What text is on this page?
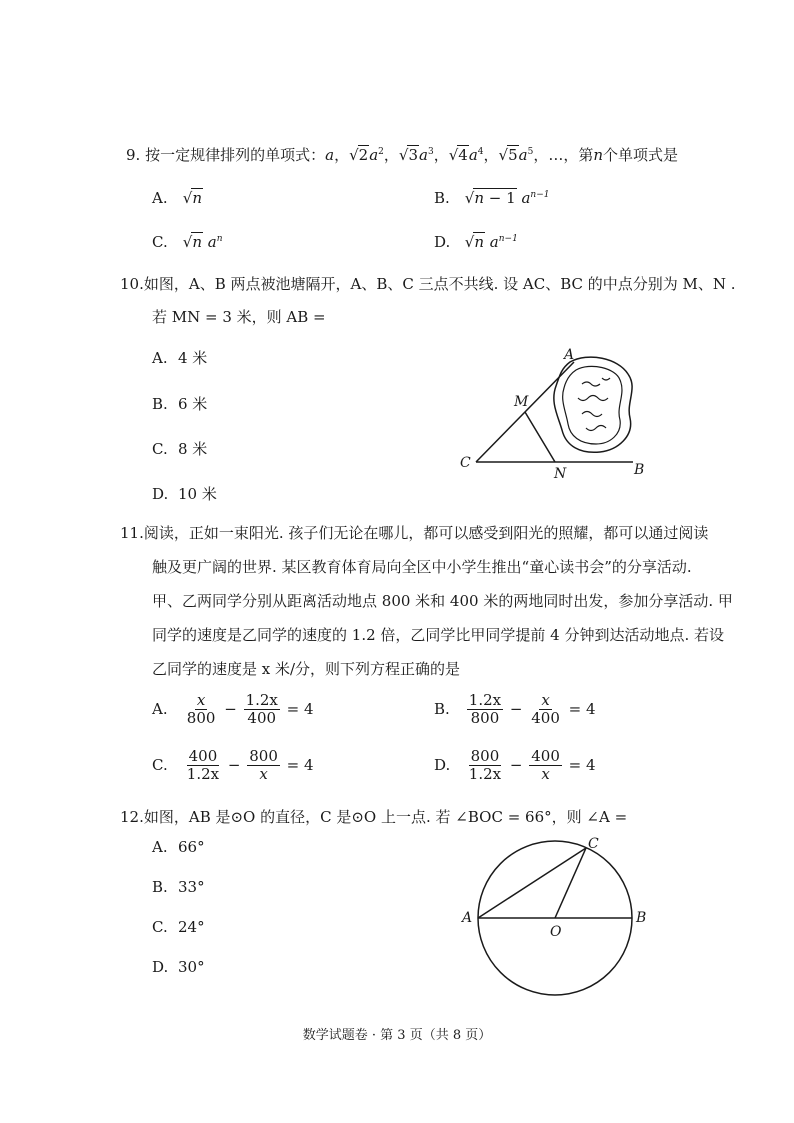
9. 按一定规律排列的单项式：a，$√2a^2$，$√3a^3$，$√4a^4$，$√5a^5$，…，第n个单项式是
A. √n	B. √n − 1 $a^{n-1}$
C. √n $a^n$	D. √n $a^{n-1}$
10.如图，A、B 两点被池塘隔开，A、B、C 三点不共线. 设 AC、BC 的中点分别为 M、N .
若 MN = 3 米，则 AB =
A. 4 米
B. 6 米
C. 8 米
D. 10 米
A
M
C
N	B
11.阅读，正如一束阳光. 孩子们无论在哪儿，都可以感受到阳光的照耀，都可以通过阅读
触及更广阔的世界. 某区教育体育局向全区中小学生推出“童心读书会”的分享活动.
甲、乙两同学分别从距离活动地点 800 米和 400 米的两地同时出发，参加分享活动. 甲
同学的速度是乙同学的速度的 1.2 倍，乙同学比甲同学提前 4 分钟到达活动地点. 若设
乙同学的速度是 x 米/分，则下列方程正确的是
A. $\frac{x}{800} - \frac{1.2x}{400} = 4$	B. $\frac{1.2x}{800} - \frac{x}{400} = 4$
C. $\frac{400}{1.2x} - \frac{800}{x} = 4$	D. $\frac{800}{1.2x} - \frac{400}{x} = 4$
12.如图，AB 是⊙O 的直径，C 是⊙O 上一点. 若 ∠BOC = 66°，则 ∠A =
A. 66°
B. 33°
C. 24°
D. 30°
A	B
C
O
数学试题卷 · 第 3 页（共 8 页）
